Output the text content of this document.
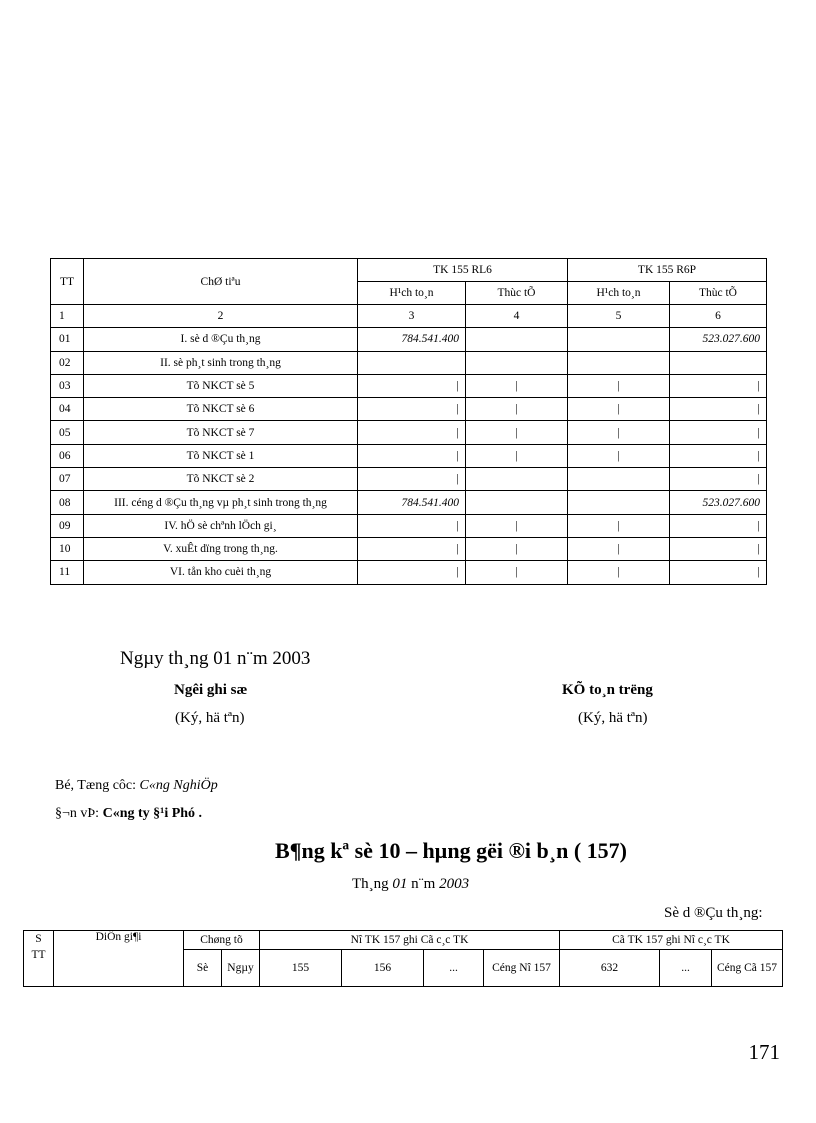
TT	ChØ tiªu	TK 155 RL6		TK 155 R6P	
		H¹ch to¸n	Thùc tÕ	H¹ch to¸n	Thùc tÕ
1	2	3	4	5	6
01	I. sè d ®Çu th¸ng	784.541.400			523.027.600
02	II. sè ph¸t sinh trong th¸ng				
03	Tõ NKCT sè 5	|	|	|	|
04	Tõ NKCT sè 6	|	|	|	|
05	Tõ NKCT sè 7	|	|	|	|
06	Tõ NKCT sè 1	|	|	|	|
07	Tõ NKCT sè 2	|			|
08	III. céng d ®Çu th¸ng vµ ph¸t sinh trong th¸ng	784.541.400			523.027.600
09	IV. hÖ sè chªnh lÖch gi¸	|	|	|	|
10	V. xuÊt dïng trong th¸ng.	|	|	|	|
11	VI. tån kho cuèi th¸ng	|	|	|	|
Ngµy th¸ng 01 n¨m 2003
Ngêi ghi sæ
(Ký, hä tªn)
KÕ to¸n trëng
(Ký, hä tªn)
Bé, Tæng côc: C«ng NghiÖp
§¬n vÞ: C«ng ty §¹i Phó .
B¶ng kª sè 10 – hµng gëi ®i b¸n ( 157)
Th¸ng 01 n¨m 2003
Sè d ®Çu th¸ng:
S
TT	DiÔn gi¶i	Chøng tõ		Nî TK 157 ghi Cã c¸c TK				Cã TK 157 ghi Nî c¸c TK		
		Sè	Ngµy	155	156	...	Céng Nî 157	632	...	Céng Cã 157
171
